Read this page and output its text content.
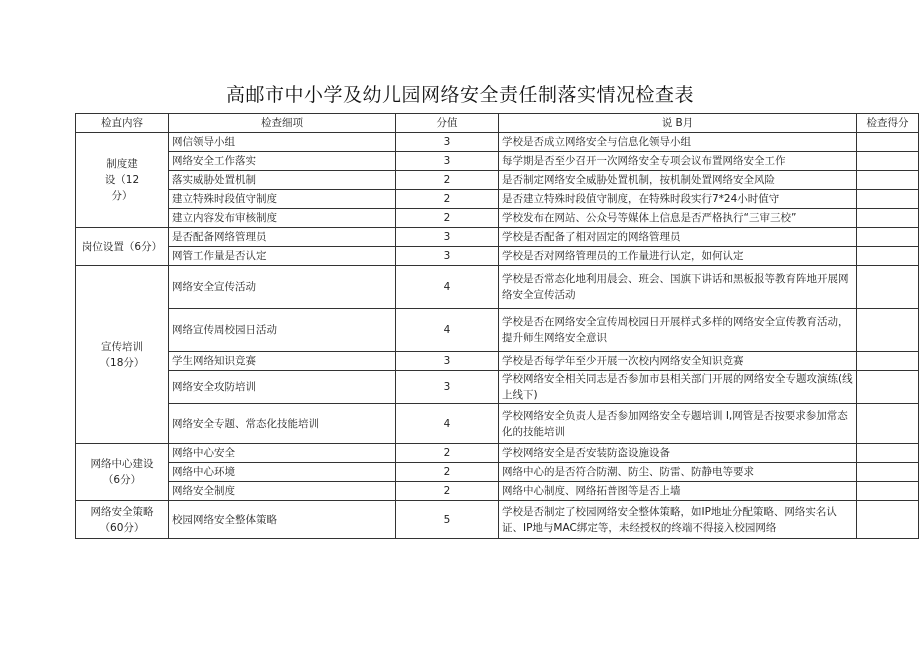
高邮市中小学及幼儿园网络安全责任制落实情况检查表
检直内容	检查细项	分值	说 B月	检查得分
制度建设（12分）	网信领导小组	3	学校是否成立网络安全与信息化领导小组	
	网络安全工作落实	3	每学期是否至少召开一次网络安全专项会议布置网络安全工作	
	落实威胁处置机制	2	是否制定网络安全威胁处置机制，按机制处置网络安全风险	
	建立特殊时段值守制度	2	是否建立特殊时段值守制度，在特殊时段实行7*24小时值守	
	建立内容发布审核制度	2	学校发布在网站、公众号等媒体上信息是否严格执行“三审三校”	
岗位设置（6分）	是否配备网络管理员	3	学校是否配备了相对固定的网络管理员	
	网管工作量是否认定	3	学校是否对网络管理员的工作量进行认定，如何认定	
宣传培训（18分）	网络安全宣传活动	4	学校是否常态化地利用晨会、班会、国旗下讲话和黑板报等教育阵地开展网络安全宣传活动	
	网络宣传周校园日活动	4	学校是否在网络安全宣传周校园日开展样式多样的网络安全宣传教育活动，提升师生网络安全意识	
	学生网络知识竞赛	3	学校是否每学年至少开展一次校内网络安全知识竞赛	
	网络安全攻防培训	3	学校网络安全相关同志是否参加市县相关部门开展的网络安全专题攻演练(线上线下)	
	网络安全专题、常态化技能培训	4	学校网络安全负责人是否参加网络安全专题培训 I,网管是否按要求参加常态化的技能培训	
网络中心建设（6分）	网络中心安全	2	学校网络安全是否安装防盗设施设备	
	网络中心环境	2	网络中心的是否符合防潮、防尘、防雷、防静电等要求	
	网络安全制度	2	网络中心制度、网络拓普图等是否上墙	
网络安全策略（60分）	校园网络安全整体策略	5	学校是否制定了校园网络安全整体策略，如IP地址分配策略、网络实名认证、IP地与MAC绑定等，未经授权的终端不得接入校园网络	
